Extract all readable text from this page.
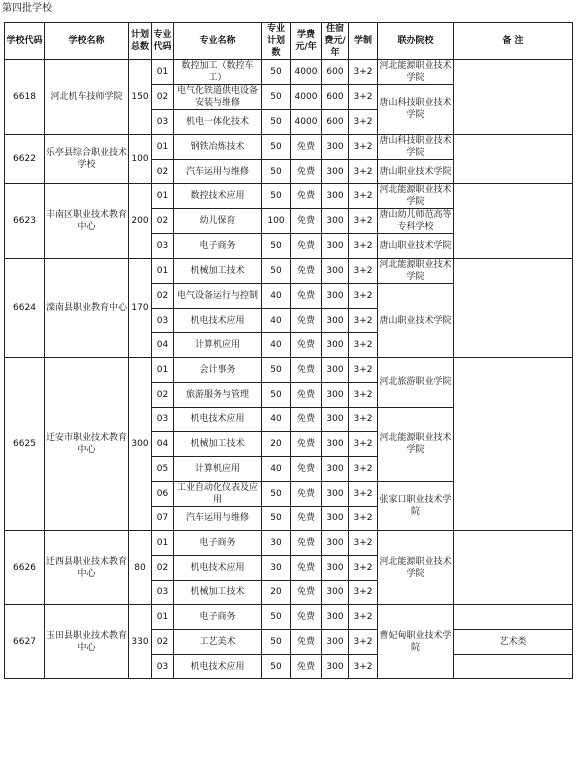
第四批学校
学校代码	学校名称	计划总数	专业代码	专业名称	专业计划数	学费元/年	住宿费元/年	学制	联办院校	备 注
6618	河北机车技师学院	150	01	数控加工（数控车工）	50	4000	600	3+2	河北能源职业技术学院	
			02	电气化铁道供电设备安装与维修	50	4000	600	3+2	唐山科技职业技术学院	
			03	机电一体化技术	50	4000	600	3+2		
6622	乐亭县综合职业技术学校	100	01	钢铁冶炼技术	50	免费	300	3+2	唐山科技职业技术学院	
			02	汽车运用与维修	50	免费	300	3+2	唐山职业技术学院	
6623	丰南区职业技术教育中心	200	01	数控技术应用	50	免费	300	3+2	河北能源职业技术学院	
			02	幼儿保育	100	免费	300	3+2	唐山幼儿师范高等专科学校	
			03	电子商务	50	免费	300	3+2	唐山职业技术学院	
6624	滦南县职业教育中心	170	01	机械加工技术	50	免费	300	3+2	河北能源职业技术学院	
			02	电气设备运行与控制	40	免费	300	3+2	唐山职业技术学院	
			03	机电技术应用	40	免费	300	3+2		
			04	计算机应用	40	免费	300	3+2		
6625	迁安市职业技术教育中心	300	01	会计事务	50	免费	300	3+2	河北旅游职业学院	
			02	旅游服务与管理	50	免费	300	3+2		
			03	机电技术应用	40	免费	300	3+2	河北能源职业技术学院	
			04	机械加工技术	20	免费	300	3+2		
			05	计算机应用	40	免费	300	3+2		
			06	工业自动化仪表及应用	50	免费	300	3+2	张家口职业技术学院	
			07	汽车运用与维修	50	免费	300	3+2		
6626	迁西县职业技术教育中心	80	01	电子商务	30	免费	300	3+2	河北能源职业技术学院	
			02	机电技术应用	30	免费	300	3+2		
			03	机械加工技术	20	免费	300	3+2		
6627	玉田县职业技术教育中心	330	01	电子商务	50	免费	300	3+2	曹妃甸职业技术学院	
			02	工艺美术	50	免费	300	3+2		艺术类
			03	机电技术应用	50	免费	300	3+2		
